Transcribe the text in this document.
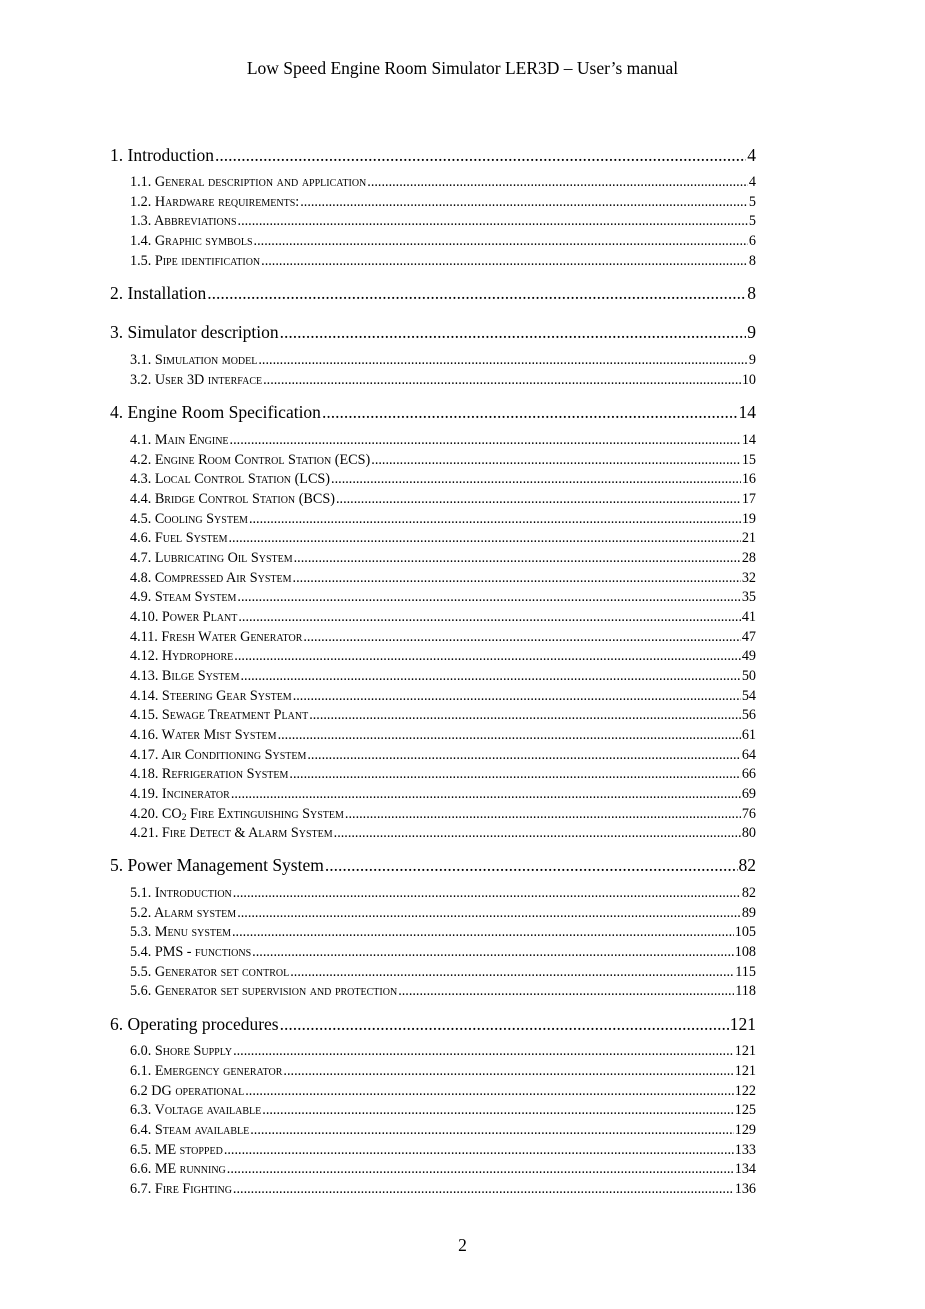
Low Speed Engine Room Simulator LER3D – User’s manual
1. Introduction .....	4
1.1. General description and application .....	4
1.2. Hardware requirements: .....	5
1.3. Abbreviations .....	5
1.4. Graphic symbols .....	6
1.5. Pipe identification .....	8
2. Installation .....	8
3. Simulator description .....	9
3.1. Simulation model .....	9
3.2. User 3D interface .....	10
4. Engine Room Specification .....	14
4.1. Main Engine .....	14
4.2. Engine Room Control Station (ECS) .....	15
4.3. Local Control Station (LCS) .....	16
4.4. Bridge Control Station (BCS) .....	17
4.5. Cooling System .....	19
4.6. Fuel System .....	21
4.7. Lubricating Oil System .....	28
4.8. Compressed Air System .....	32
4.9. Steam System .....	35
4.10. Power Plant .....	41
4.11. Fresh Water Generator .....	47
4.12. Hydrophore .....	49
4.13. Bilge System .....	50
4.14. Steering Gear System .....	54
4.15. Sewage Treatment Plant .....	56
4.16. Water Mist System .....	61
4.17. Air Conditioning System .....	64
4.18. Refrigeration System .....	66
4.19. Incinerator .....	69
4.20. $CO_2$ Fire Extinguishing System .....	76
4.21. Fire Detect & Alarm System .....	80
5. Power Management System .....	82
5.1. Introduction .....	82
5.2. Alarm system .....	89
5.3. Menu system .....	105
5.4. PMS - functions .....	108
5.5. Generator set control .....	115
5.6. Generator set supervision and protection .....	118
6. Operating procedures .....	121
6.0. Shore Supply .....	121
6.1. Emergency generator .....	121
6.2 DG operational .....	122
6.3. Voltage available .....	125
6.4. Steam available .....	129
6.5. ME stopped .....	133
6.6. ME running .....	134
6.7. Fire Fighting .....	136
2
